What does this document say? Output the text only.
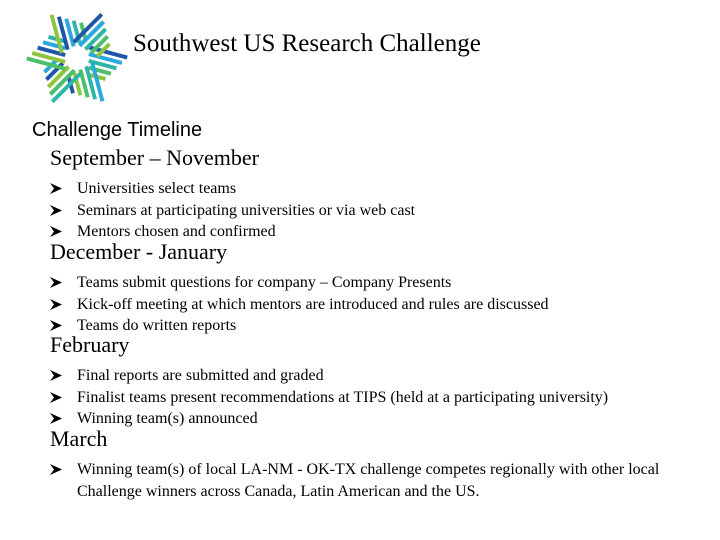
Southwest US Research Challenge
Challenge Timeline
September – November
Universities select teams
Seminars at participating universities or via web cast
Mentors chosen and confirmed
December - January
Teams submit questions for company – Company Presents
Kick-off meeting at which mentors are introduced and rules are discussed
Teams do written reports
February
Final reports are submitted and graded
Finalist teams present recommendations at TIPS (held at a participating university)
Winning team(s) announced
March
Winning team(s) of local LA-NM - OK-TX challenge competes regionally with other local Challenge winners across Canada, Latin American and the US.
